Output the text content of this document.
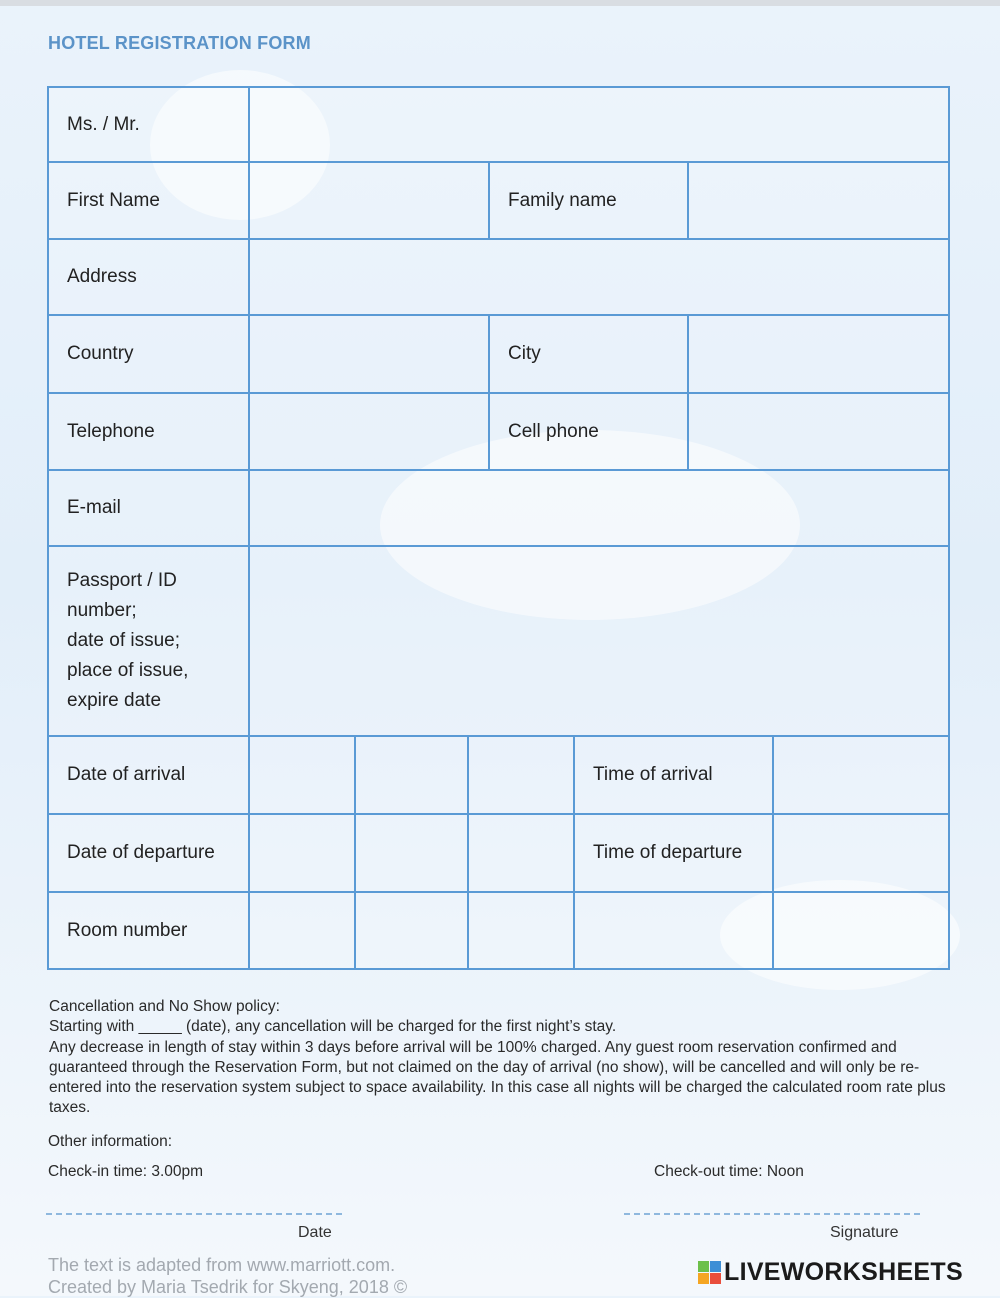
HOTEL REGISTRATION FORM
Ms. / Mr.							
First Name				Family name			
Address							
Country				City			
Telephone				Cell phone			
E-mail							

Passport / ID
number;
date of issue;
place of issue,
expire date							

Date of arrival					Time of arrival		
Date of departure					Time of departure		
Room number							

Cancellation and No Show policy:

Starting with _____ (date), any cancellation will be charged for the first night’s stay.

Any decrease in length of stay within 3 days before arrival will be 100% charged. Any guest room reservation confirmed and guaranteed through the Reservation Form, but not claimed on the day of arrival (no show), will be cancelled and will only be re-entered into the reservation system subject to space availability. In this case all nights will be charged the calculated room rate plus taxes.

Other information:
Check-in time: 3.00pm	Check-out time: Noon
Date	Signature
The text is adapted from www.marriott.com.
Created by Maria Tsedrik for Skyeng, 2018 ©
LIVEWORKSHEETS
